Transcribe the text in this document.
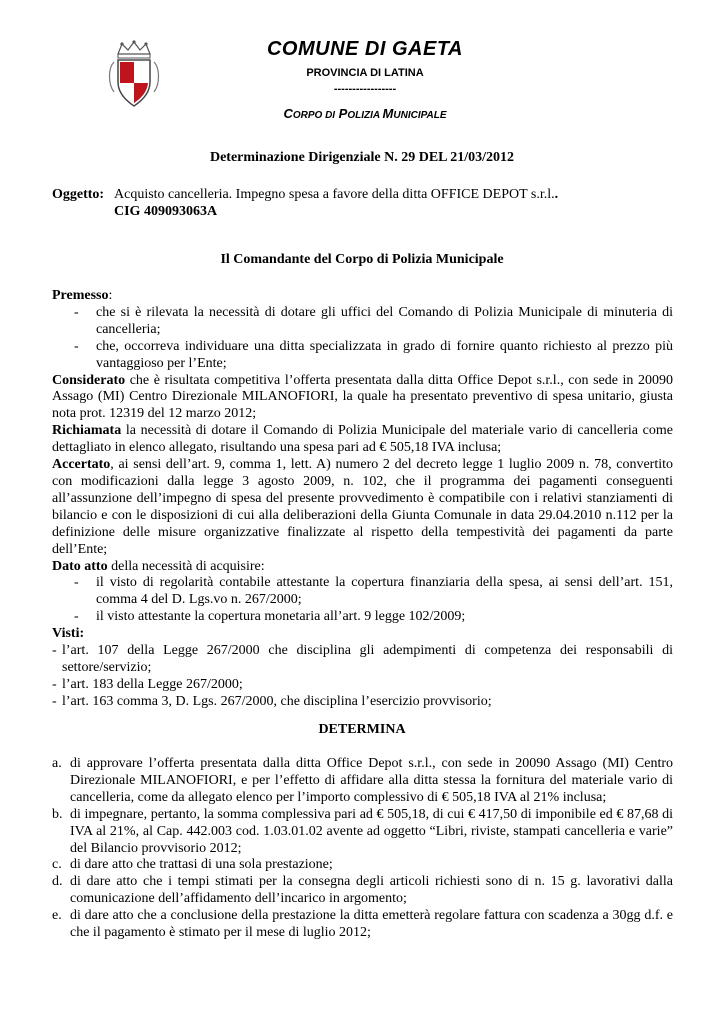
COMUNE DI GAETA
PROVINCIA DI LATINA
-----------------
CORPO DI POLIZIA MUNICIPALE
Determinazione Dirigenziale N. 29 DEL 21/03/2012
Oggetto: Acquisto cancelleria. Impegno spesa a favore della ditta OFFICE DEPOT s.r.l..
CIG 409093063A
Il Comandante del Corpo di Polizia Municipale
Premesso:
- che si è rilevata la necessità di dotare gli uffici del Comando di Polizia Municipale di minuteria di cancelleria;
- che, occorreva individuare una ditta specializzata in grado di fornire quanto richiesto al prezzo più vantaggioso per l’Ente;
Considerato che è risultata competitiva l’offerta presentata dalla ditta Office Depot s.r.l., con sede in 20090 Assago (MI) Centro Direzionale MILANOFIORI, la quale ha presentato preventivo di spesa unitario, giusta nota prot. 12319 del 12 marzo 2012;
Richiamata la necessità di dotare il Comando di Polizia Municipale del materiale vario di cancelleria come dettagliato in elenco allegato, risultando una spesa pari ad € 505,18 IVA inclusa;
Accertato, ai sensi dell’art. 9, comma 1, lett. A) numero 2 del decreto legge 1 luglio 2009 n. 78, convertito con modificazioni dalla legge 3 agosto 2009, n. 102, che il programma dei pagamenti conseguenti all’assunzione dell’impegno di spesa del presente provvedimento è compatibile con i relativi stanziamenti di bilancio e con le disposizioni di cui alla deliberazioni della Giunta Comunale in data 29.04.2010 n.112 per la definizione delle misure organizzative finalizzate al rispetto della tempestività dei pagamenti da parte dell’Ente;
Dato atto della necessità di acquisire:
- il visto di regolarità contabile attestante la copertura finanziaria della spesa, ai sensi dell’art. 151, comma 4 del D. Lgs.vo n. 267/2000;
- il visto attestante la copertura monetaria all’art. 9 legge 102/2009;
Visti:
- l’art. 107 della Legge 267/2000 che disciplina gli adempimenti di competenza dei responsabili di settore/servizio;
- l’art. 183 della Legge 267/2000;
- l’art. 163 comma 3, D. Lgs. 267/2000, che disciplina l’esercizio provvisorio;
DETERMINA
a. di approvare l’offerta presentata dalla ditta Office Depot s.r.l., con sede in 20090 Assago (MI) Centro Direzionale MILANOFIORI, e per l’effetto di affidare alla ditta stessa la fornitura del materiale vario di cancelleria, come da allegato elenco per l’importo complessivo di € 505,18 IVA al 21% inclusa;
b. di impegnare, pertanto, la somma complessiva pari ad € 505,18, di cui € 417,50 di imponibile ed € 87,68 di IVA al 21%, al Cap. 442.003 cod. 1.03.01.02 avente ad oggetto “Libri, riviste, stampati cancelleria e varie” del Bilancio provvisorio 2012;
c. di dare atto che trattasi di una sola prestazione;
d. di dare atto che i tempi stimati per la consegna degli articoli richiesti sono di n. 15 g. lavorativi dalla comunicazione dell’affidamento dell’incarico in argomento;
e. di dare atto che a conclusione della prestazione la ditta emetterà regolare fattura con scadenza a 30gg d.f. e che il pagamento è stimato per il mese di luglio 2012;
